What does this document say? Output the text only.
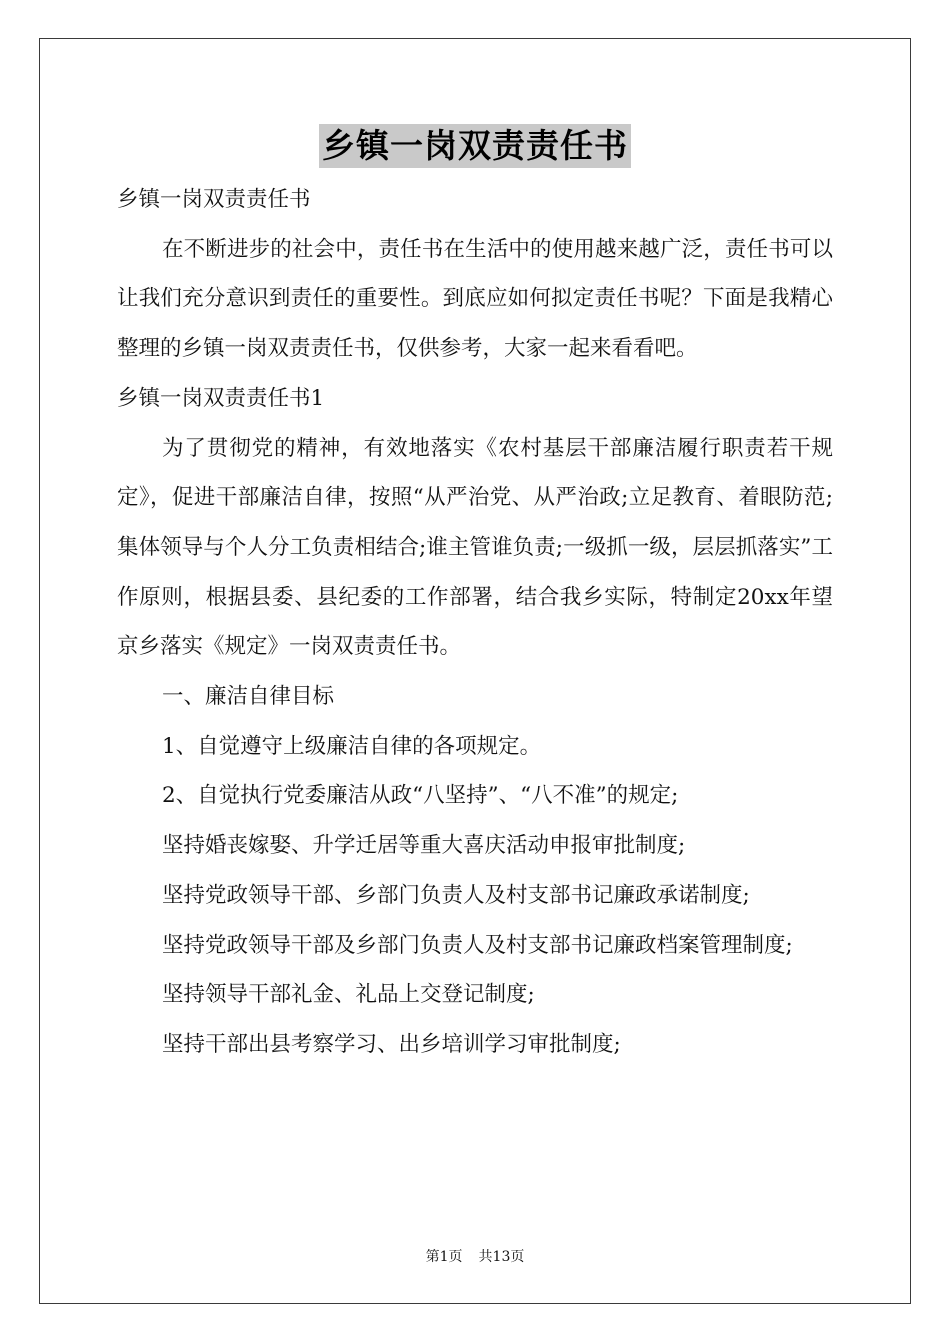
乡镇一岗双责责任书

乡镇一岗双责责任书

在不断进步的社会中，责任书在生活中的使用越来越广泛，责任书可以让我们充分意识到责任的重要性。到底应如何拟定责任书呢？下面是我精心整理的乡镇一岗双责责任书，仅供参考，大家一起来看看吧。

乡镇一岗双责责任书1

为了贯彻党的精神，有效地落实《农村基层干部廉洁履行职责若干规定》，促进干部廉洁自律，按照“从严治党、从严治政;立足教育、着眼防范;集体领导与个人分工负责相结合;谁主管谁负责;一级抓一级，层层抓落实”工作原则，根据县委、县纪委的工作部署，结合我乡实际，特制定20xx年望京乡落实《规定》一岗双责责任书。

一、廉洁自律目标

1、自觉遵守上级廉洁自律的各项规定。

2、自觉执行党委廉洁从政“八坚持”、“八不准”的规定;

坚持婚丧嫁娶、升学迁居等重大喜庆活动申报审批制度;

坚持党政领导干部、乡部门负责人及村支部书记廉政承诺制度;

坚持党政领导干部及乡部门负责人及村支部书记廉政档案管理制度;

坚持领导干部礼金、礼品上交登记制度;

坚持干部出县考察学习、出乡培训学习审批制度;

第1页 共13页
